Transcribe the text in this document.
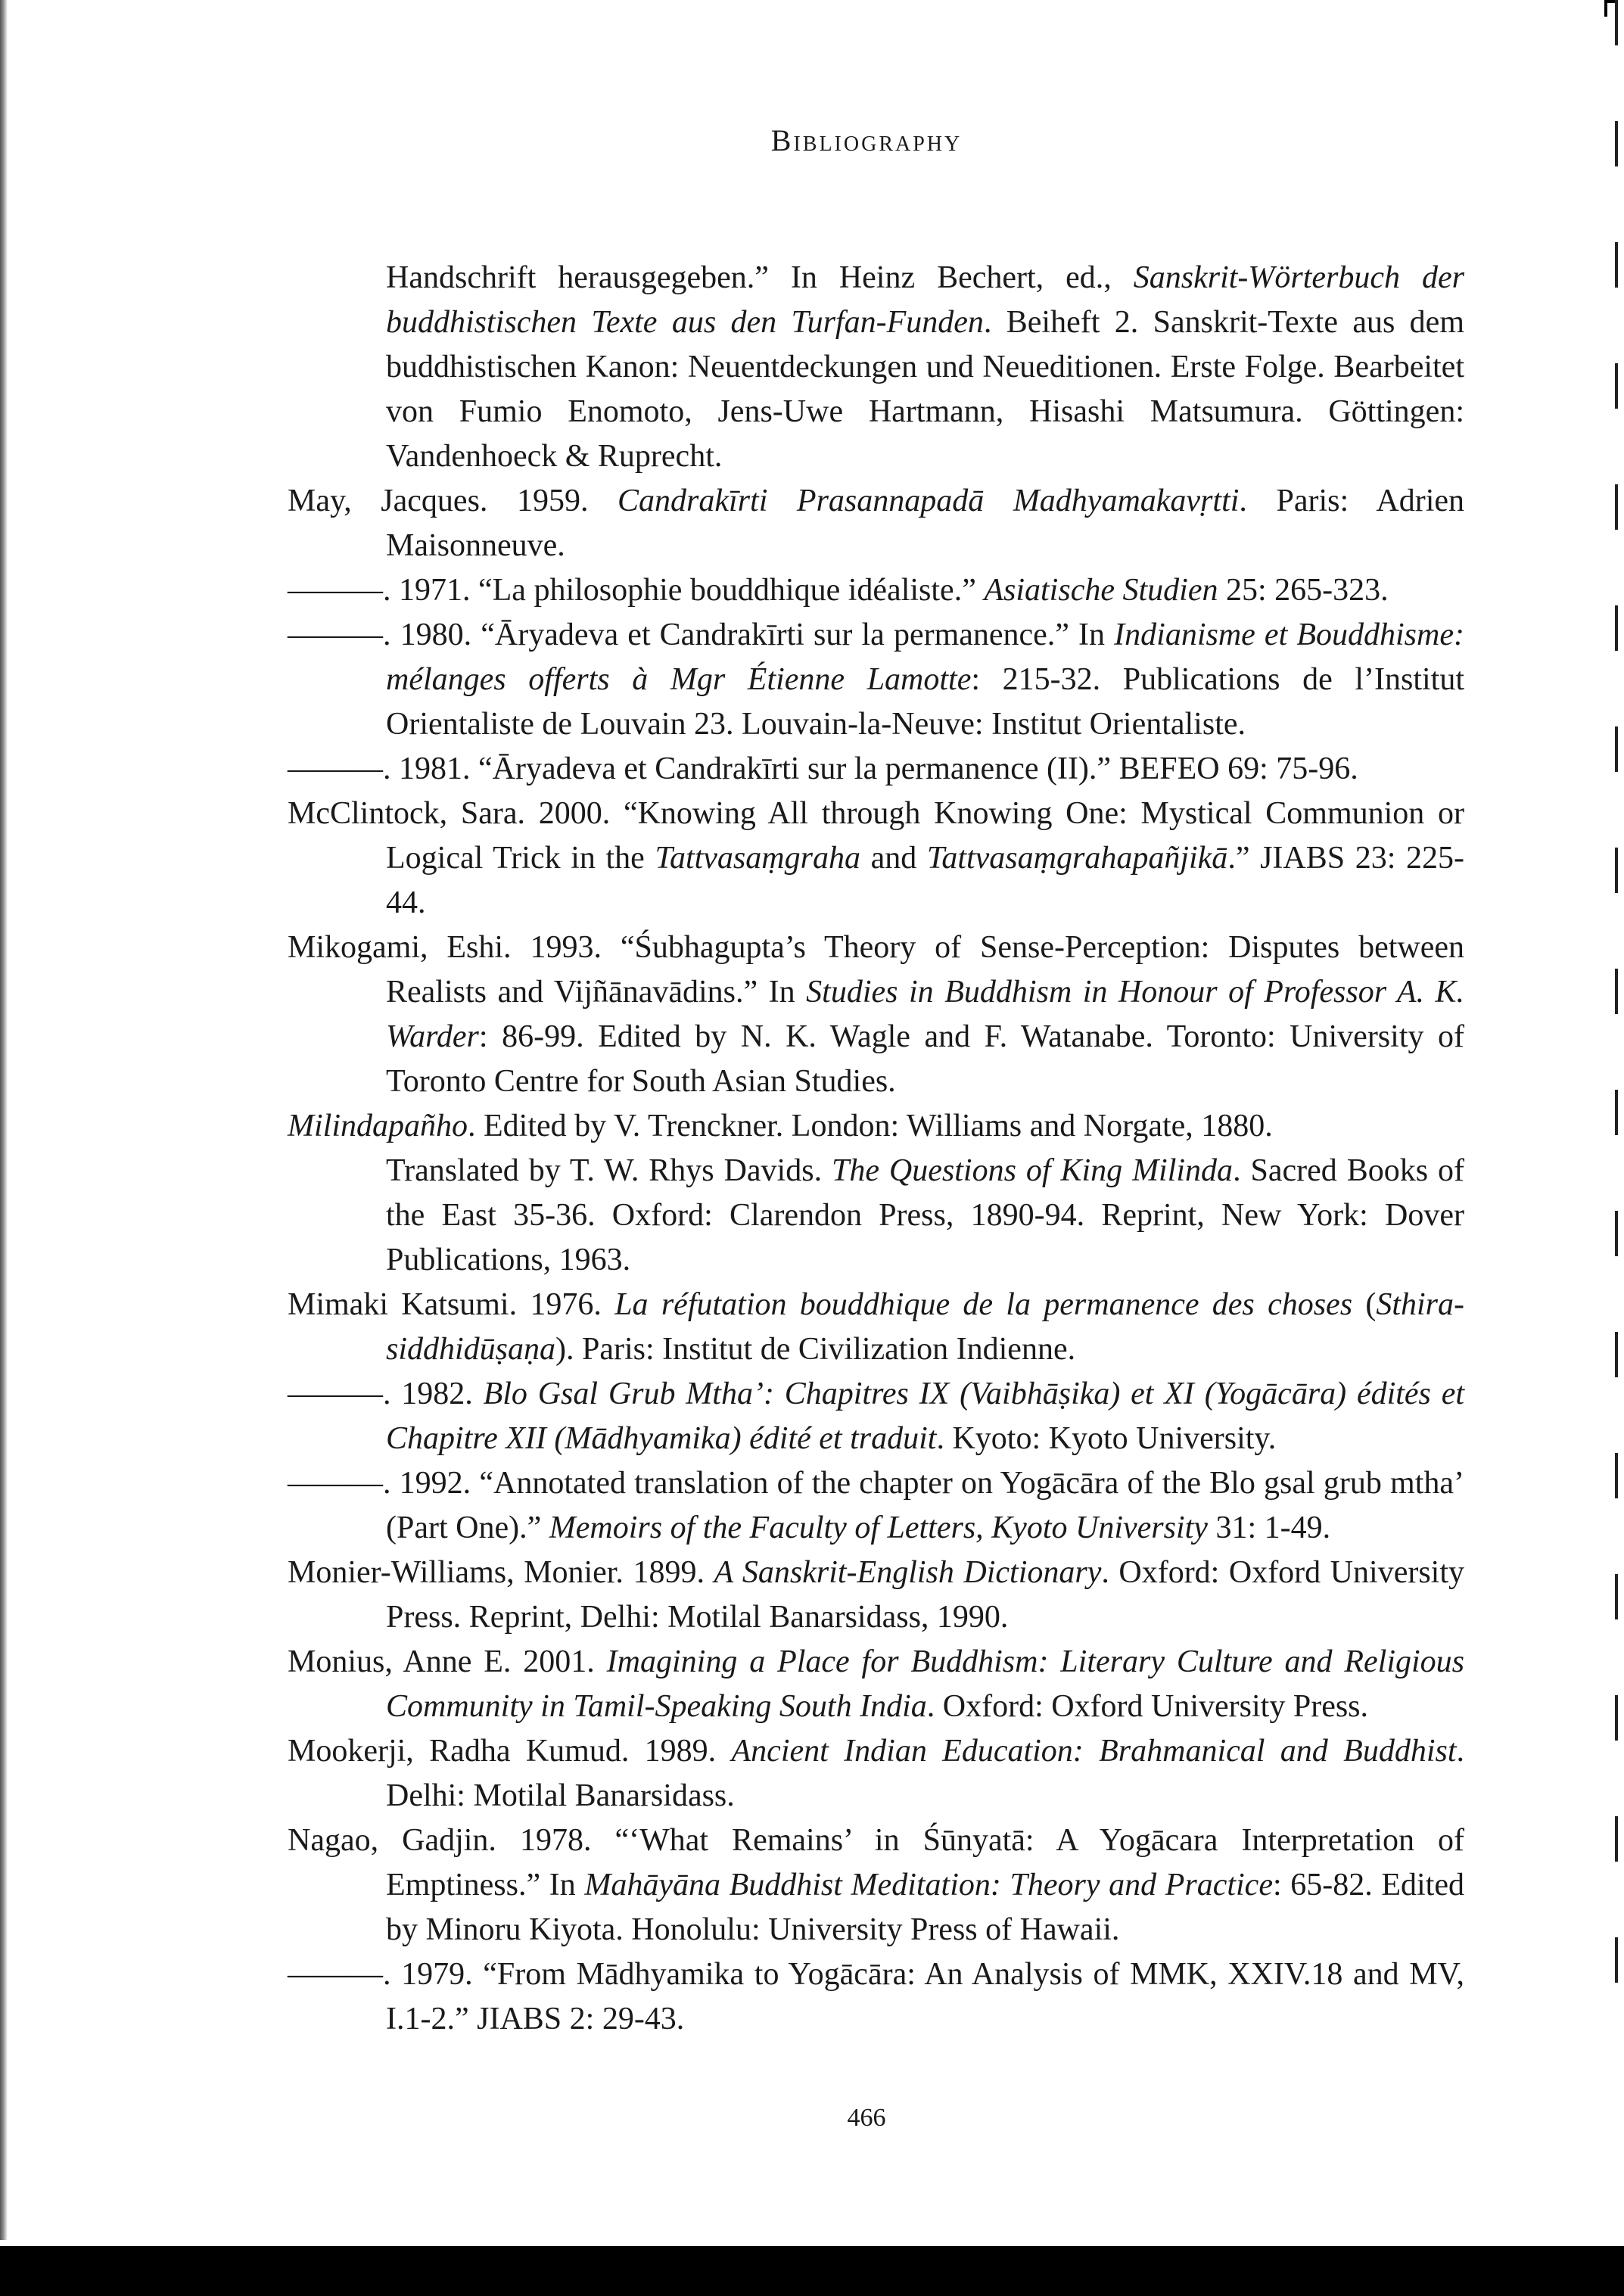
Bibliography

Handschrift herausgegeben.” In Heinz Bechert, ed., Sanskrit-Wörterbuch der buddhistischen Texte aus den Turfan-Funden. Beiheft 2. Sanskrit-Texte aus dem buddhistischen Kanon: Neuentdeckungen und Neueditionen. Erste Folge. Bearbeitet von Fumio Enomoto, Jens-Uwe Hartmann, Hisashi Matsumura. Göttingen: Vandenhoeck & Ruprecht.

May, Jacques. 1959. Candrakīrti Prasannapadā Madhyamakavṛtti. Paris: Adrien Maisonneuve.

———. 1971. “La philosophie bouddhique idéaliste.” Asiatische Studien 25: 265-323.

———. 1980. “Āryadeva et Candrakīrti sur la permanence.” In Indianisme et Bouddhisme: mélanges offerts à Mgr Étienne Lamotte: 215-32. Publications de l’Institut Orientaliste de Louvain 23. Louvain-la-Neuve: Institut Orientaliste.

———. 1981. “Āryadeva et Candrakīrti sur la permanence (II).” BEFEO 69: 75-96.

McClintock, Sara. 2000. “Knowing All through Knowing One: Mystical Communion or Logical Trick in the Tattvasaṃgraha and Tattvasaṃgrahapañjikā.” JIABS 23: 225-44.

Mikogami, Eshi. 1993. “Śubhagupta’s Theory of Sense-Perception: Disputes between Realists and Vijñānavādins.” In Studies in Buddhism in Honour of Professor A. K. Warder: 86-99. Edited by N. K. Wagle and F. Watanabe. Toronto: University of Toronto Centre for South Asian Studies.

Milindapañho. Edited by V. Trenckner. London: Williams and Norgate, 1880.

Translated by T. W. Rhys Davids. The Questions of King Milinda. Sacred Books of the East 35-36. Oxford: Clarendon Press, 1890-94. Reprint, New York: Dover Publications, 1963.

Mimaki Katsumi. 1976. La réfutation bouddhique de la permanence des choses (Sthira-siddhidūṣaṇa). Paris: Institut de Civilization Indienne.

———. 1982. Blo Gsal Grub Mtha’: Chapitres IX (Vaibhāṣika) et XI (Yogācāra) édités et Chapitre XII (Mādhyamika) édité et traduit. Kyoto: Kyoto University.

———. 1992. “Annotated translation of the chapter on Yogācāra of the Blo gsal grub mtha’ (Part One).” Memoirs of the Faculty of Letters, Kyoto University 31: 1-49.

Monier-Williams, Monier. 1899. A Sanskrit-English Dictionary. Oxford: Oxford University Press. Reprint, Delhi: Motilal Banarsidass, 1990.

Monius, Anne E. 2001. Imagining a Place for Buddhism: Literary Culture and Religious Community in Tamil-Speaking South India. Oxford: Oxford University Press.

Mookerji, Radha Kumud. 1989. Ancient Indian Education: Brahmanical and Buddhist. Delhi: Motilal Banarsidass.

Nagao, Gadjin. 1978. “‘What Remains’ in Śūnyatā: A Yogācara Interpretation of Emptiness.” In Mahāyāna Buddhist Meditation: Theory and Practice: 65-82. Edited by Minoru Kiyota. Honolulu: University Press of Hawaii.

———. 1979. “From Mādhyamika to Yogācāra: An Analysis of MMK, XXIV.18 and MV, I.1-2.” JIABS 2: 29-43.

466
